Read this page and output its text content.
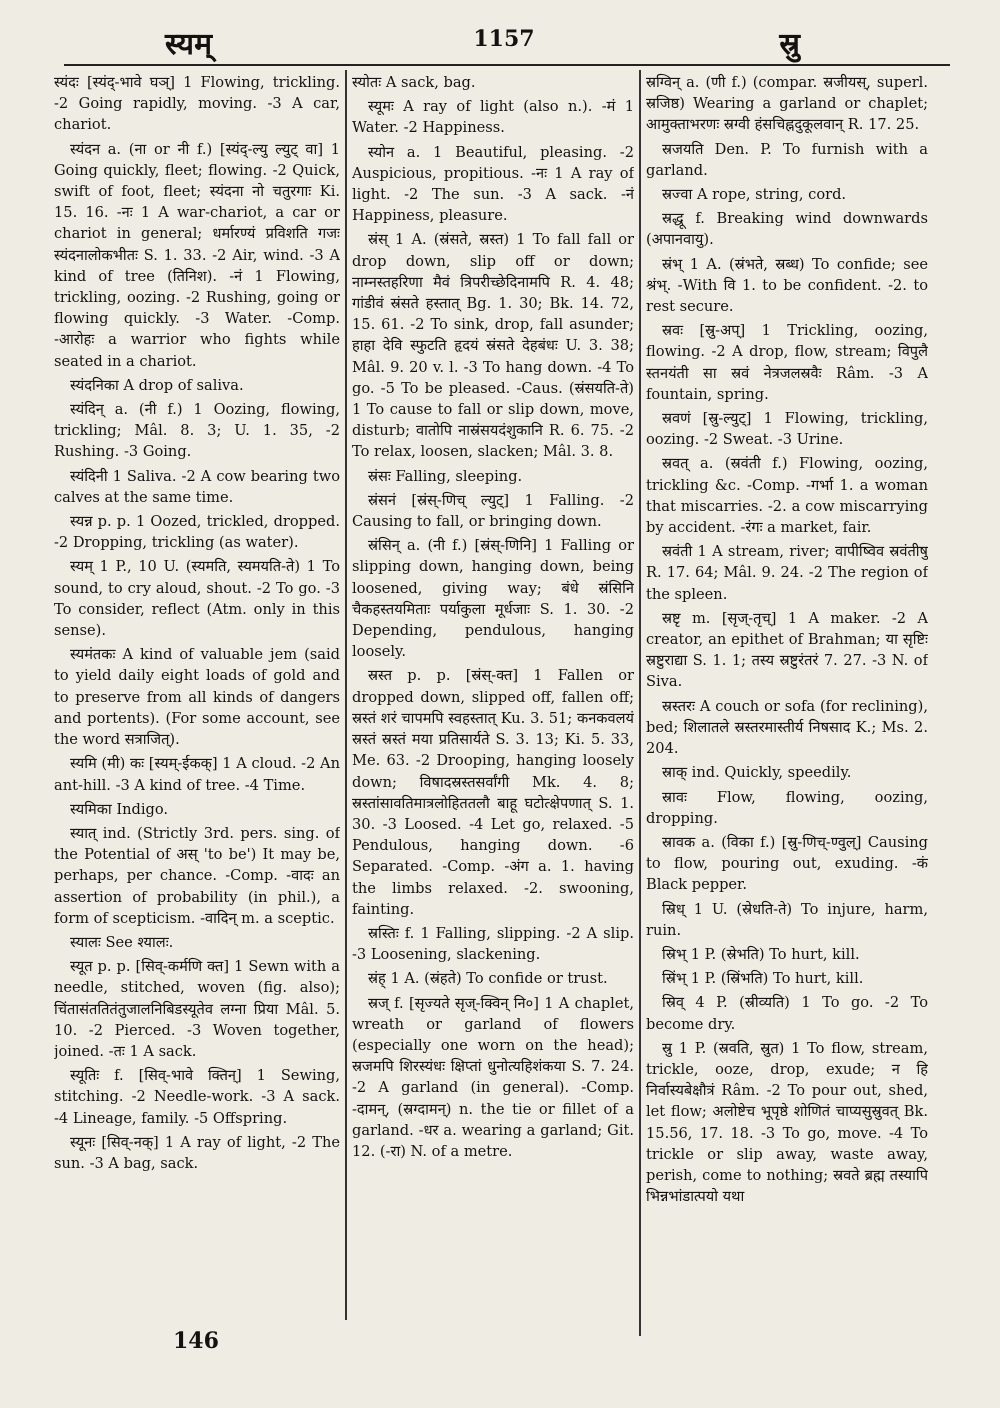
स्यम्	1157	स्रु

स्यंदः [स्यंद्-भावे घञ्] 1 Flowing, trickling. -2 Going rapidly, moving. -3 A car, chariot.

स्यंदन a. (ना or नी f.) [स्यंद्-ल्यु ल्युट् वा] 1 Going quickly, fleet; flowing. -2 Quick, swift of foot, fleet; स्यंदना नो चतुरगाः Ki. 15. 16. -नः 1 A war-chariot, a car or chariot in general; धर्मारण्यं प्रविशति गजः स्यंदनालोकभीतः S. 1. 33. -2 Air, wind. -3 A kind of tree (तिनिश). -नं 1 Flowing, trickling, oozing. -2 Rushing, going or flowing quickly. -3 Water. -Comp. -आरोहः a warrior who fights while seated in a chariot.

स्यंदनिका A drop of saliva.

स्यंदिन् a. (नी f.) 1 Oozing, flowing, trickling; Mâl. 8. 3; U. 1. 35, -2 Rushing. -3 Going.

स्यंदिनी 1 Saliva. -2 A cow bearing two calves at the same time.

स्यन्न p. p. 1 Oozed, trickled, dropped. -2 Dropping, trickling (as water).

स्यम् 1 P., 10 U. (स्यमति, स्यमयति-ते) 1 To sound, to cry aloud, shout. -2 To go. -3 To consider, reflect (Atm. only in this sense).

स्यमंतकः A kind of valuable jem (said to yield daily eight loads of gold and to preserve from all kinds of dangers and portents). (For some account, see the word सत्राजित्).

स्यमि (मी) कः [स्यम्-ईकक्] 1 A cloud. -2 An ant-hill. -3 A kind of tree. -4 Time.

स्यमिका Indigo.

स्यात् ind. (Strictly 3rd. pers. sing. of the Potential of अस् 'to be') It may be, perhaps, per chance. -Comp. -वादः an assertion of probability (in phil.), a form of scepticism. -वादिन् m. a sceptic.

स्यालः See श्यालः.

स्यूत p. p. [सिव्-कर्मणि क्त] 1 Sewn with a needle, stitched, woven (fig. also); चिंतासंततितंतुजालनिबिडस्यूतेव लग्ना प्रिया Mâl. 5. 10. -2 Pierced. -3 Woven together, joined. -तः 1 A sack.

स्यूतिः f. [सिव्-भावे क्तिन्] 1 Sewing, stitching. -2 Needle-work. -3 A sack. -4 Lineage, family. -5 Offspring.

स्यूनः [सिव्-नक्] 1 A ray of light, -2 The sun. -3 A bag, sack.

स्योतः A sack, bag.

स्यूमः A ray of light (also n.). -मं 1 Water. -2 Happiness.

स्योन a. 1 Beautiful, pleasing. -2 Auspicious, propitious. -नः 1 A ray of light. -2 The sun. -3 A sack. -नं Happiness, pleasure.

स्रंस् 1 A. (स्रंसते, स्रस्त) 1 To fall fall or drop down, slip off or down; नाम्नस्तहरिणा मैवं त्रिपरीच्छेदिनामपि R. 4. 48; गांडीवं स्रंसते हस्तात् Bg. 1. 30; Bk. 14. 72, 15. 61. -2 To sink, drop, fall asunder; हाहा देवि स्फुटति हृदयं स्रंसते देहबंधः U. 3. 38; Mâl. 9. 20 v. l. -3 To hang down. -4 To go. -5 To be pleased. -Caus. (स्रंसयति-ते) 1 To cause to fall or slip down, move, disturb; वातोपि नास्रंसयदंशुकानि R. 6. 75. -2 To relax, loosen, slacken; Mâl. 3. 8.

स्रंसः Falling, sleeping.

स्रंसनं [स्रंस्-णिच् ल्युट्] 1 Falling. -2 Causing to fall, or bringing down.

स्रंसिन् a. (नी f.) [स्रंस्-णिनि] 1 Falling or slipping down, hanging down, being loosened, giving way; बंधे स्रंसिनि चैकहस्तयमिताः पर्याकुला मूर्धजाः S. 1. 30. -2 Depending, pendulous, hanging loosely.

स्रस्त p. p. [स्रंस्-क्त] 1 Fallen or dropped down, slipped off, fallen off; स्रस्तं शरं चापमपि स्वहस्तात् Ku. 3. 51; कनकवलयं स्रस्तं स्रस्तं मया प्रतिसार्यते S. 3. 13; Ki. 5. 33, Me. 63. -2 Drooping, hanging loosely down; विषादस्रस्तसर्वांगी Mk. 4. 8; स्रस्तांसावतिमात्रलोहिततलौ बाहू घटोत्क्षेपणात् S. 1. 30. -3 Loosed. -4 Let go, relaxed. -5 Pendulous, hanging down. -6 Separated. -Comp. -अंग a. 1. having the limbs relaxed. -2. swooning, fainting.

स्रस्तिः f. 1 Falling, slipping. -2 A slip. -3 Loosening, slackening.

स्रंह् 1 A. (स्रंहते) To confide or trust.

स्रज् f. [सृज्यते सृज्-क्विन् नि०] 1 A chaplet, wreath or garland of flowers (especially one worn on the head); स्रजमपि शिरस्यंधः क्षिप्तां धुनोत्यहिशंकया S. 7. 24. -2 A garland (in general). -Comp. -दामन्, (स्रग्दामन्) n. the tie or fillet of a garland. -धर a. wearing a garland; Git. 12. (-रा) N. of a metre.

स्रग्विन् a. (णी f.) (compar. स्रजीयस्, superl. स्रजिष्ठ) Wearing a garland or chaplet; आमुक्ताभरणः स्रग्वी हंसचिह्नदुकूलवान् R. 17. 25.

स्रजयति Den. P. To furnish with a garland.

स्रज्वा A rope, string, cord.

स्रद्धू f. Breaking wind downwards (अपानवायु).

स्रंभ् 1 A. (स्रंभते, स्रब्ध) To confide; see श्रंभ्. -With वि 1. to be confident. -2. to rest secure.

स्रवः [स्रु-अप्] 1 Trickling, oozing, flowing. -2 A drop, flow, stream; विपुलै स्तनयंती सा स्रवं नेत्रजलस्रवैः Râm. -3 A fountain, spring.

स्रवणं [स्रु-ल्युट्] 1 Flowing, trickling, oozing. -2 Sweat. -3 Urine.

स्रवत् a. (स्रवंती f.) Flowing, oozing, trickling &c. -Comp. -गर्भा 1. a woman that miscarries. -2. a cow miscarrying by accident. -रंगः a market, fair.

स्रवंती 1 A stream, river; वापीष्विव स्रवंतीषु R. 17. 64; Mâl. 9. 24. -2 The region of the spleen.

स्रष्टृ m. [सृज्-तृच्] 1 A maker. -2 A creator, an epithet of Brahman; या सृष्टिः स्रष्टुराद्या S. 1. 1; तस्य स्रष्टुरंतरं 7. 27. -3 N. of Siva.

स्रस्तरः A couch or sofa (for reclining), bed; शिलातले स्रस्तरमास्तीर्य निषसाद K.; Ms. 2. 204.

स्राक् ind. Quickly, speedily.

स्रावः Flow, flowing, oozing, dropping.

स्रावक a. (विका f.) [स्रु-णिच्-ण्वुल्] Causing to flow, pouring out, exuding. -कं Black pepper.

स्रिध् 1 U. (स्रेधति-ते) To injure, harm, ruin.

स्रिभ् 1 P. (स्रेभति) To hurt, kill.

स्रिंभ् 1 P. (स्रिंभति) To hurt, kill.

स्रिव् 4 P. (स्रीव्यति) 1 To go. -2 To become dry.

स्रु 1 P. (स्रवति, स्रुत) 1 To flow, stream, trickle, ooze, drop, exude; न हि निर्वास्यबेक्षौत्रं Râm. -2 To pour out, shed, let flow; अलोष्टेच भूपृष्ठे शोणितं चाप्यसुस्रुवत् Bk. 15.56, 17. 18. -3 To go, move. -4 To trickle or slip away, waste away, perish, come to nothing; स्रवते ब्रह्म तस्यापि भिन्नभांडात्पयो यथा

146
